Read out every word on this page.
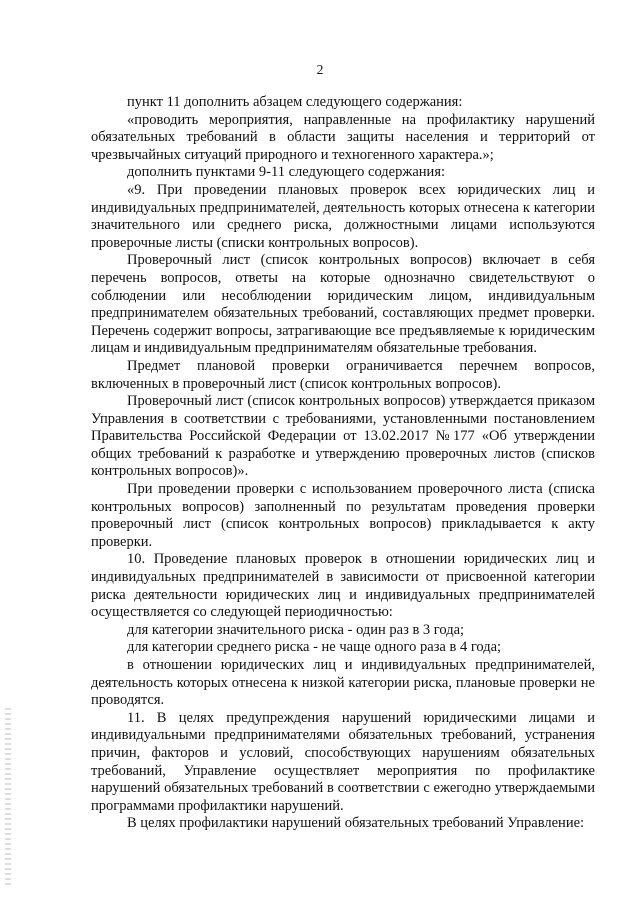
2

пункт 11 дополнить абзацем следующего содержания:

«проводить мероприятия, направленные на профилактику нарушений обязательных требований в области защиты населения и территорий от чрезвычайных ситуаций природного и техногенного характера.»;

дополнить пунктами 9-11 следующего содержания:

«9. При проведении плановых проверок всех юридических лиц и индивидуальных предпринимателей, деятельность которых отнесена к категории значительного или среднего риска, должностными лицами используются проверочные листы (списки контрольных вопросов).

Проверочный лист (список контрольных вопросов) включает в себя перечень вопросов, ответы на которые однозначно свидетельствуют о соблюдении или несоблюдении юридическим лицом, индивидуальным предпринимателем обязательных требований, составляющих предмет проверки. Перечень содержит вопросы, затрагивающие все предъявляемые к юридическим лицам и индивидуальным предпринимателям обязательные требования.

Предмет плановой проверки ограничивается перечнем вопросов, включенных в проверочный лист (список контрольных вопросов).

Проверочный лист (список контрольных вопросов) утверждается приказом Управления в соответствии с требованиями, установленными постановлением Правительства Российской Федерации от 13.02.2017 №177 «Об утверждении общих требований к разработке и утверждению проверочных листов (списков контрольных вопросов)».

При проведении проверки с использованием проверочного листа (списка контрольных вопросов) заполненный по результатам проведения проверки проверочный лист (список контрольных вопросов) прикладывается к акту проверки.

10. Проведение плановых проверок в отношении юридических лиц и индивидуальных предпринимателей в зависимости от присвоенной категории риска деятельности юридических лиц и индивидуальных предпринимателей осуществляется со следующей периодичностью:

для категории значительного риска - один раз в 3 года;

для категории среднего риска - не чаще одного раза в 4 года;

в отношении юридических лиц и индивидуальных предпринимателей, деятельность которых отнесена к низкой категории риска, плановые проверки не проводятся.

11. В целях предупреждения нарушений юридическими лицами и индивидуальными предпринимателями обязательных требований, устранения причин, факторов и условий, способствующих нарушениям обязательных требований, Управление осуществляет мероприятия по профилактике нарушений обязательных требований в соответствии с ежегодно утверждаемыми программами профилактики нарушений.

В целях профилактики нарушений обязательных требований Управление:
